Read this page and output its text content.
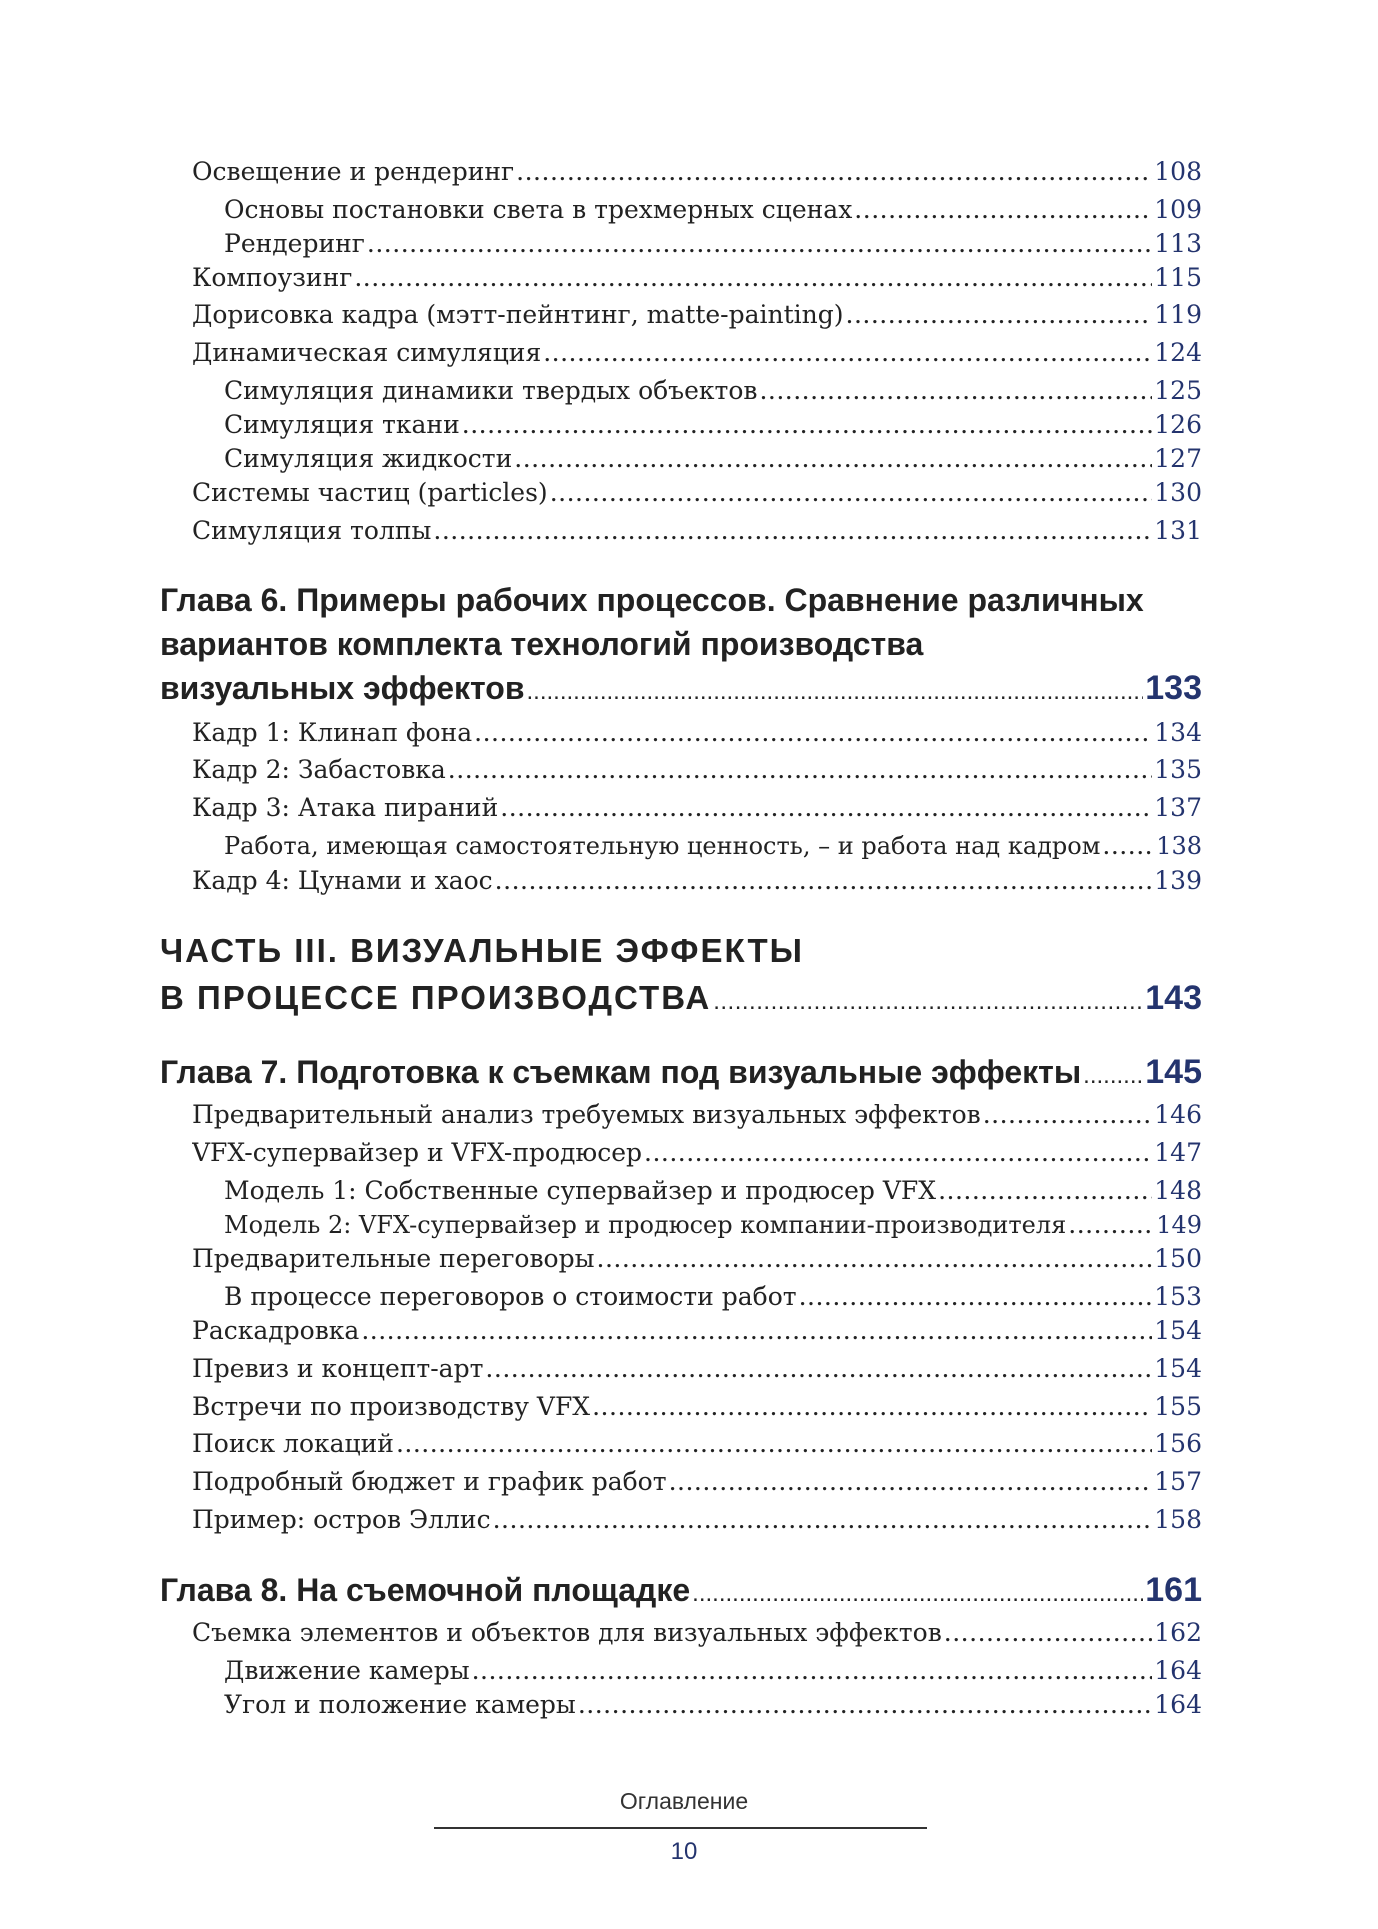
Освещение и рендеринг .....	108
Основы постановки света в трехмерных сценах .....	109
Рендеринг .....	113
Компоузинг .....	115
Дорисовка кадра (мэтт-пейнтинг, matte-painting) .....	119
Динамическая симуляция .....	124
Симуляция динамики твердых объектов .....	125
Симуляция ткани .....	126
Симуляция жидкости .....	127
Системы частиц (particles) .....	130
Симуляция толпы .....	131
Глава 6. Примеры рабочих процессов. Сравнение различных
вариантов комплекта технологий производства
визуальных эффектов .....	133
Кадр 1: Клинап фона .....	134
Кадр 2: Забастовка .....	135
Кадр 3: Атака пираний .....	137
Работа, имеющая самостоятельную ценность, – и работа над кадром ..... 138
Кадр 4: Цунами и хаос .....	139
ЧАСТЬ III. ВИЗУАЛЬНЫЕ ЭФФЕКТЫ
В ПРОЦЕССЕ ПРОИЗВОДСТВА .....	143
Глава 7. Подготовка к съемкам под визуальные эффекты ..... 145
Предварительный анализ требуемых визуальных эффектов .....	146
VFX-супервайзер и VFX-продюсер .....	147
Модель 1: Собственные супервайзер и продюсер VFX .....	148
Модель 2: VFX-супервайзер и продюсер компании-производителя .....	149
Предварительные переговоры .....	150
В процессе переговоров о стоимости работ .....	153
Раскадровка .....	154
Превиз и концепт-арт .....	154
Встречи по производству VFX .....	155
Поиск локаций .....	156
Подробный бюджет и график работ .....	157
Пример: остров Эллис .....	158
Глава 8. На съемочной площадке .....	161
Съемка элементов и объектов для визуальных эффектов .....	162
Движение камеры .....	164
Угол и положение камеры .....	164
Оглавление
10
